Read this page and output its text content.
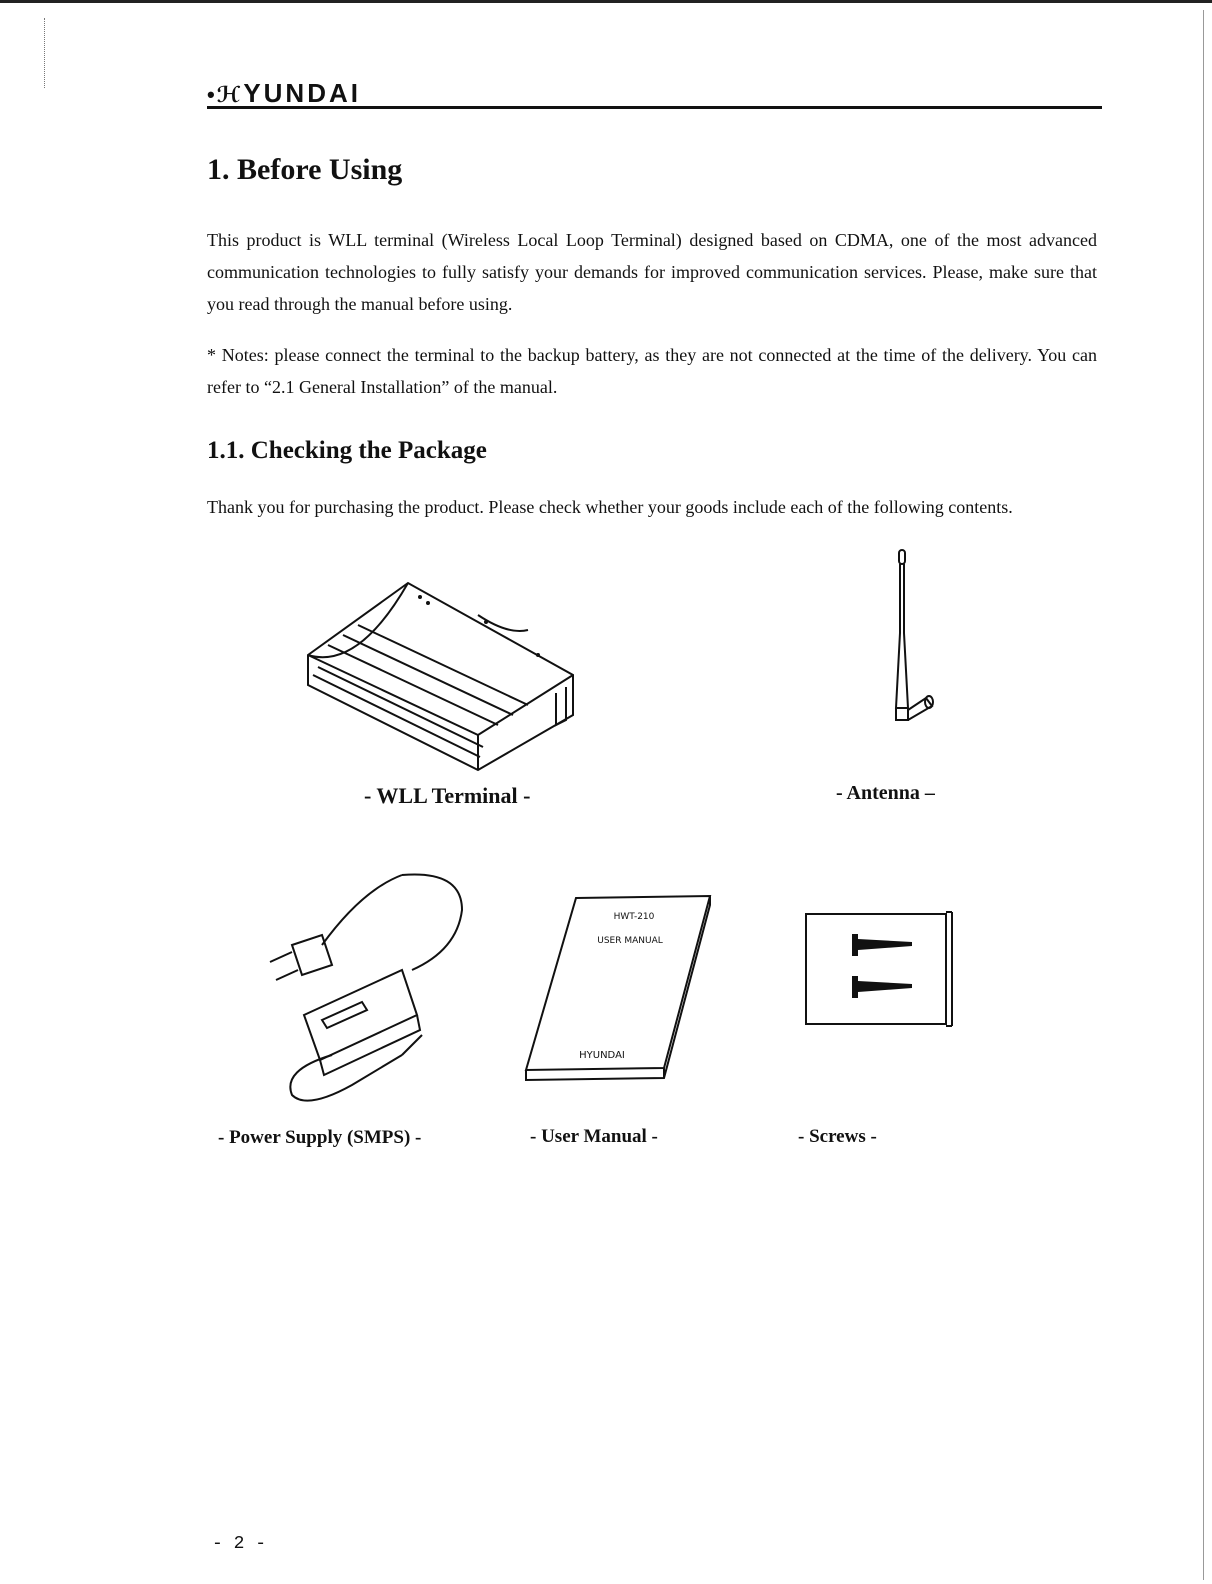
•ℋYUNDAI
1. Before Using

This product is WLL terminal (Wireless Local Loop Terminal) designed based on CDMA, one of the most advanced communication technologies to fully satisfy your demands for improved communication services. Please, make sure that you read through the manual before using.

* Notes: please connect the terminal to the backup battery, as they are not connected at the time of the delivery. You can refer to “2.1 General Installation” of the manual.

1.1. Checking the Package

Thank you for purchasing the product. Please check whether your goods include each of the following contents.

HWT-210
USER MANUAL
HYUNDAI

- WLL Terminal -	- Antenna –

- Power Supply (SMPS) -	- User Manual -	- Screws -

- 2 -
